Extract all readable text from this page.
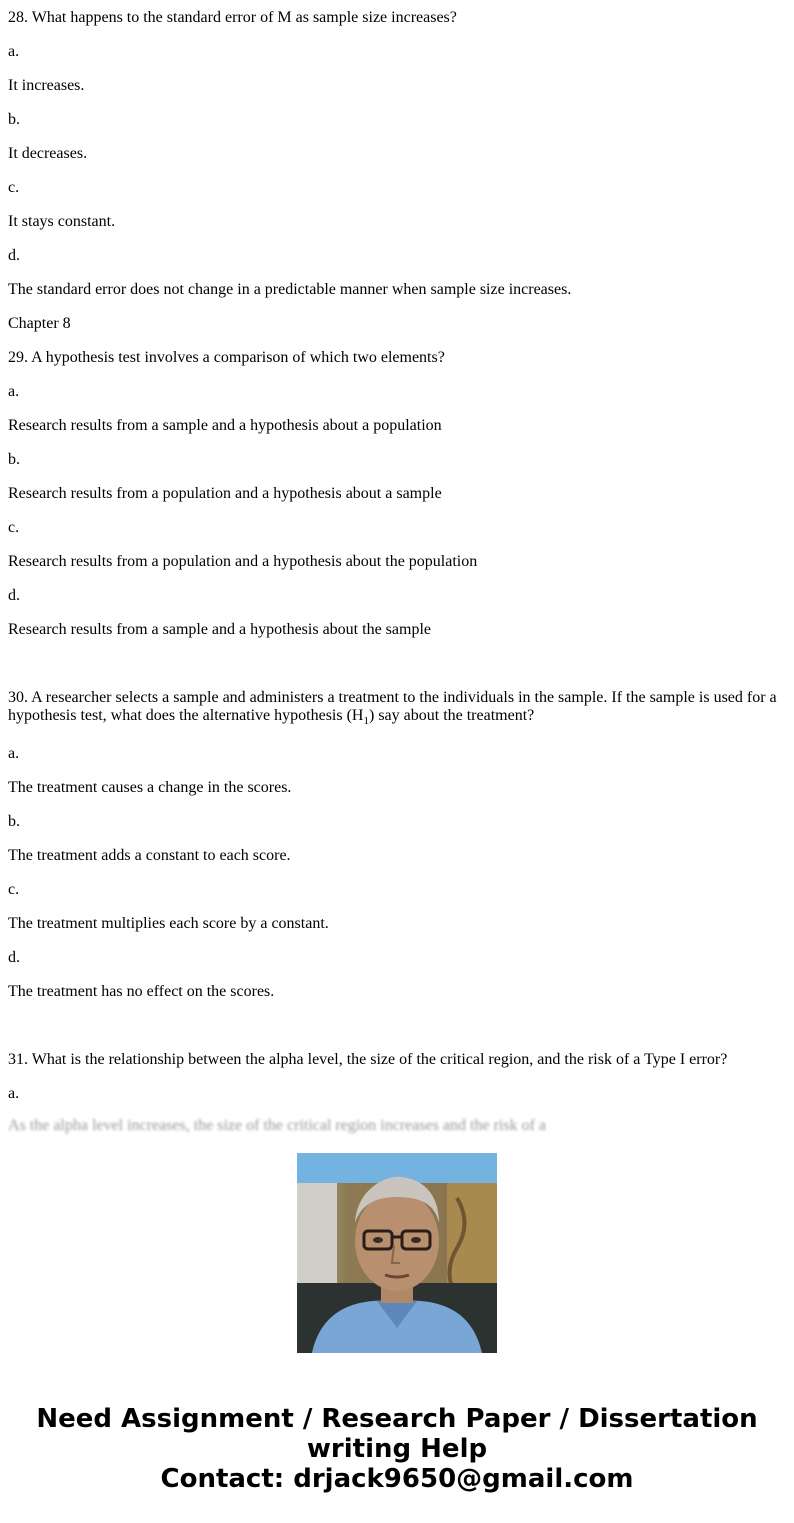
28. What happens to the standard error of M as sample size increases?
a.
It increases.
b.
It decreases.
c.
It stays constant.
d.
The standard error does not change in a predictable manner when sample size increases.
Chapter 8
29. A hypothesis test involves a comparison of which two elements?
a.
Research results from a sample and a hypothesis about a population
b.
Research results from a population and a hypothesis about a sample
c.
Research results from a population and a hypothesis about the population
d.
Research results from a sample and a hypothesis about the sample
30. A researcher selects a sample and administers a treatment to the individuals in the sample. If the sample is used for a hypothesis test, what does the alternative hypothesis $(H_1)$ say about the treatment?
a.
The treatment causes a change in the scores.
b.
The treatment adds a constant to each score.
c.
The treatment multiplies each score by a constant.
d.
The treatment has no effect on the scores.
31. What is the relationship between the alpha level, the size of the critical region, and the risk of a Type I error?
a.
As the alpha level increases, the size of the critical region increases and the risk of a
Need Assignment / Research Paper / Dissertation
writing Help
Contact: drjack9650@gmail.com
